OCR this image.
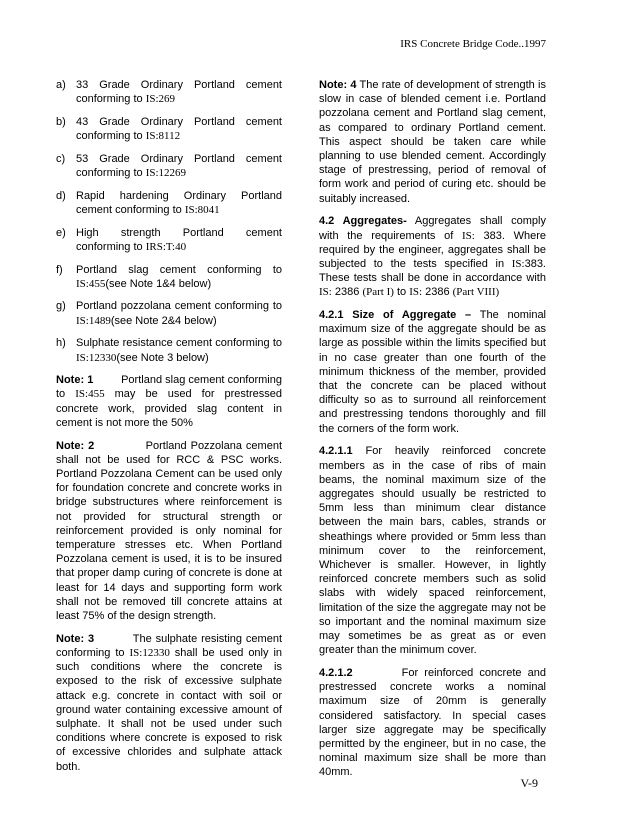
IRS Concrete Bridge Code..1997
a) 33 Grade Ordinary Portland cement conforming to IS:269
b) 43 Grade Ordinary Portland cement conforming to IS:8112
c) 53 Grade Ordinary Portland cement conforming to IS:12269
d) Rapid hardening Ordinary Portland cement conforming to IS:8041
e) High strength Portland cement conforming to IRS:T:40
f) Portland slag cement conforming to IS:455(see Note 1&4 below)
g) Portland pozzolana cement conforming to IS:1489(see Note 2&4 below)
h) Sulphate resistance cement conforming to IS:12330(see Note 3 below)

Note: 1	Portland slag cement conforming to IS:455 may be used for prestressed concrete work, provided slag content in cement is not more the 50%

Note: 2	Portland Pozzolana cement shall not be used for RCC & PSC works. Portland Pozzolana Cement can be used only for foundation concrete and concrete works in bridge substructures where reinforcement is not provided for structural strength or reinforcement provided is only nominal for temperature stresses etc. When Portland Pozzolana cement is used, it is to be insured that proper damp curing of concrete is done at least for 14 days and supporting form work shall not be removed till concrete attains at least 75% of the design strength.

Note: 3	The sulphate resisting cement conforming to IS:12330 shall be used only in such conditions where the concrete is exposed to the risk of excessive sulphate attack e.g. concrete in contact with soil or ground water containing excessive amount of sulphate. It shall not be used under such conditions where concrete is exposed to risk of excessive chlorides and sulphate attack both.

Note: 4 The rate of development of strength is slow in case of blended cement i.e. Portland pozzolana cement and Portland slag cement, as compared to ordinary Portland cement. This aspect should be taken care while planning to use blended cement. Accordingly stage of prestressing, period of removal of form work and period of curing etc. should be suitably increased.

4.2 Aggregates- Aggregates shall comply with the requirements of IS: 383. Where required by the engineer, aggregates shall be subjected to the tests specified in IS:383. These tests shall be done in accordance with IS: 2386 (Part I) to IS: 2386 (Part VIII)

4.2.1 Size of Aggregate – The nominal maximum size of the aggregate should be as large as possible within the limits specified but in no case greater than one fourth of the minimum thickness of the member, provided that the concrete can be placed without difficulty so as to surround all reinforcement and prestressing tendons thoroughly and fill the corners of the form work.

4.2.1.1 For heavily reinforced concrete members as in the case of ribs of main beams, the nominal maximum size of the aggregates should usually be restricted to 5mm less than minimum clear distance between the main bars, cables, strands or sheathings where provided or 5mm less than minimum cover to the reinforcement, Whichever is smaller. However, in lightly reinforced concrete members such as solid slabs with widely spaced reinforcement, limitation of the size the aggregate may not be so important and the nominal maximum size may sometimes be as great as or even greater than the minimum cover.

4.2.1.2	For reinforced concrete and prestressed concrete works a nominal maximum size of 20mm is generally considered satisfactory. In special cases larger size aggregate may be specifically permitted by the engineer, but in no case, the nominal maximum size shall be more than 40mm.

V-9
